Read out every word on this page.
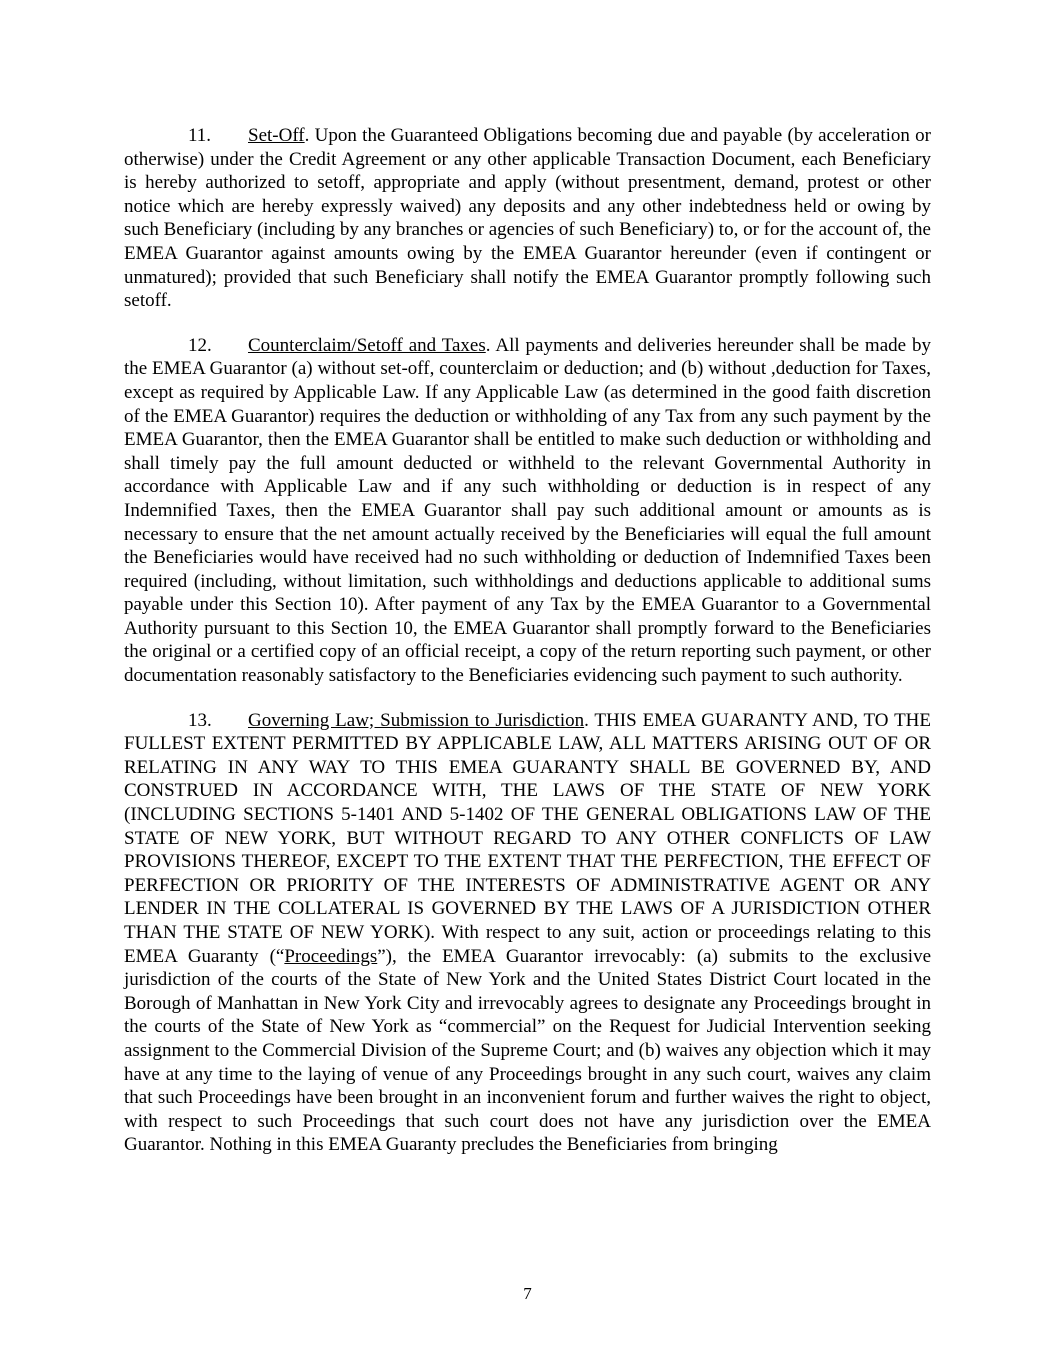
11. Set-Off. Upon the Guaranteed Obligations becoming due and payable (by acceleration or otherwise) under the Credit Agreement or any other applicable Transaction Document, each Beneficiary is hereby authorized to setoff, appropriate and apply (without presentment, demand, protest or other notice which are hereby expressly waived) any deposits and any other indebtedness held or owing by such Beneficiary (including by any branches or agencies of such Beneficiary) to, or for the account of, the EMEA Guarantor against amounts owing by the EMEA Guarantor hereunder (even if contingent or unmatured); provided that such Beneficiary shall notify the EMEA Guarantor promptly following such setoff.

12. Counterclaim/Setoff and Taxes. All payments and deliveries hereunder shall be made by the EMEA Guarantor (a) without set-off, counterclaim or deduction; and (b) without ,deduction for Taxes, except as required by Applicable Law. If any Applicable Law (as determined in the good faith discretion of the EMEA Guarantor) requires the deduction or withholding of any Tax from any such payment by the EMEA Guarantor, then the EMEA Guarantor shall be entitled to make such deduction or withholding and shall timely pay the full amount deducted or withheld to the relevant Governmental Authority in accordance with Applicable Law and if any such withholding or deduction is in respect of any Indemnified Taxes, then the EMEA Guarantor shall pay such additional amount or amounts as is necessary to ensure that the net amount actually received by the Beneficiaries will equal the full amount the Beneficiaries would have received had no such withholding or deduction of Indemnified Taxes been required (including, without limitation, such withholdings and deductions applicable to additional sums payable under this Section 10). After payment of any Tax by the EMEA Guarantor to a Governmental Authority pursuant to this Section 10, the EMEA Guarantor shall promptly forward to the Beneficiaries the original or a certified copy of an official receipt, a copy of the return reporting such payment, or other documentation reasonably satisfactory to the Beneficiaries evidencing such payment to such authority.

13. Governing Law; Submission to Jurisdiction. THIS EMEA GUARANTY AND, TO THE FULLEST EXTENT PERMITTED BY APPLICABLE LAW, ALL MATTERS ARISING OUT OF OR RELATING IN ANY WAY TO THIS EMEA GUARANTY SHALL BE GOVERNED BY, AND CONSTRUED IN ACCORDANCE WITH, THE LAWS OF THE STATE OF NEW YORK (INCLUDING SECTIONS 5-1401 AND 5-1402 OF THE GENERAL OBLIGATIONS LAW OF THE STATE OF NEW YORK, BUT WITHOUT REGARD TO ANY OTHER CONFLICTS OF LAW PROVISIONS THEREOF, EXCEPT TO THE EXTENT THAT THE PERFECTION, THE EFFECT OF PERFECTION OR PRIORITY OF THE INTERESTS OF ADMINISTRATIVE AGENT OR ANY LENDER IN THE COLLATERAL IS GOVERNED BY THE LAWS OF A JURISDICTION OTHER THAN THE STATE OF NEW YORK). With respect to any suit, action or proceedings relating to this EMEA Guaranty (“Proceedings”), the EMEA Guarantor irrevocably: (a) submits to the exclusive jurisdiction of the courts of the State of New York and the United States District Court located in the Borough of Manhattan in New York City and irrevocably agrees to designate any Proceedings brought in the courts of the State of New York as “commercial” on the Request for Judicial Intervention seeking assignment to the Commercial Division of the Supreme Court; and (b) waives any objection which it may have at any time to the laying of venue of any Proceedings brought in any such court, waives any claim that such Proceedings have been brought in an inconvenient forum and further waives the right to object, with respect to such Proceedings that such court does not have any jurisdiction over the EMEA Guarantor. Nothing in this EMEA Guaranty precludes the Beneficiaries from bringing

7
